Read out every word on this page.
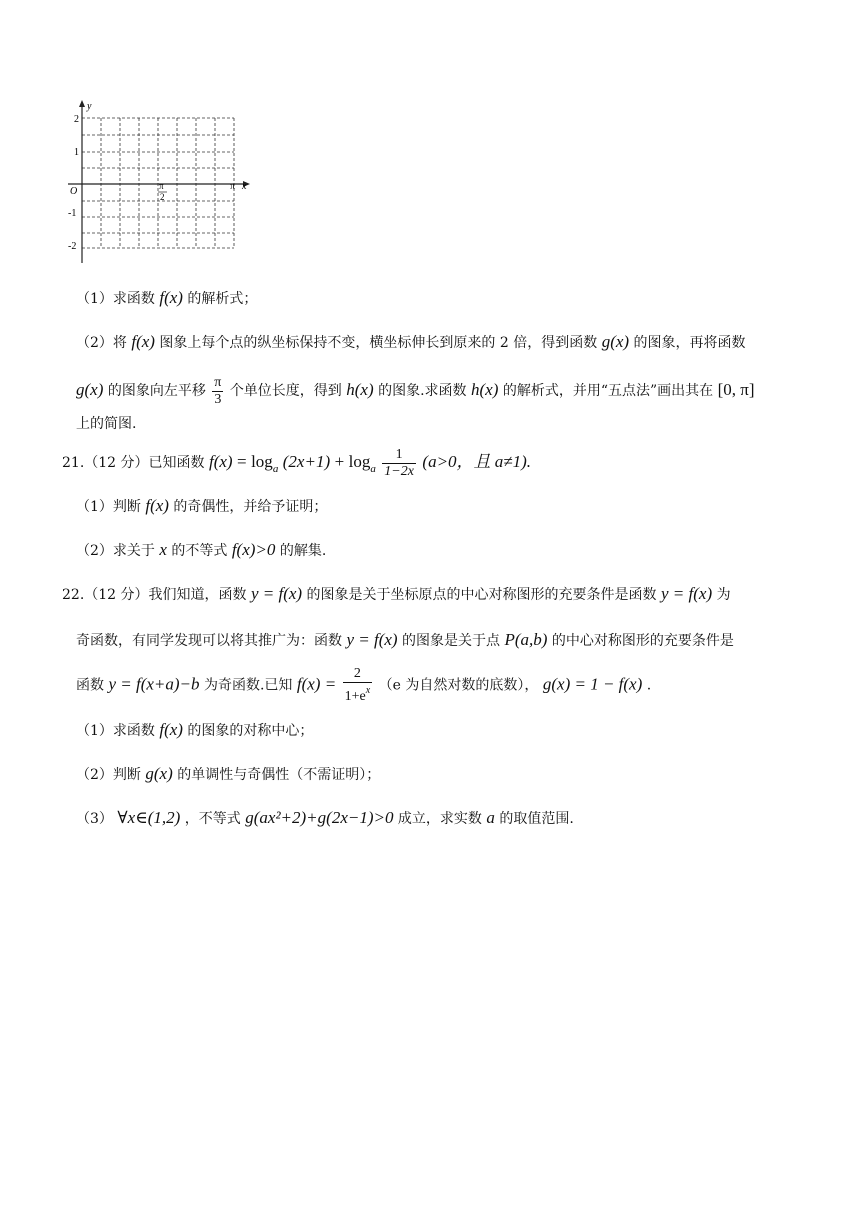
y
x
O
2
1
-1
-2
π
2
π
（1）求函数 f(x) 的解析式；
（2）将 f(x) 图象上每个点的纵坐标保持不变，横坐标伸长到原来的 2 倍，得到函数 g(x) 的图象，再将函数
g(x) 的图象向左平移 $\frac{\pi}{3}$ 个单位长度，得到 h(x) 的图象.求函数 h(x) 的解析式，并用“五点法”画出其在 [0, π]
上的简图.
21.（12 分）已知函数 $f(x) = \log_a (2x+1) + \log_a \frac{1}{1-2x} (a>0$，且 a≠1).
（1）判断 f(x) 的奇偶性，并给予证明；
（2）求关于 x 的不等式 f(x)>0 的解集.
22.（12 分）我们知道，函数 y = f(x) 的图象是关于坐标原点的中心对称图形的充要条件是函数 y = f(x) 为
奇函数，有同学发现可以将其推广为：函数 y = f(x) 的图象是关于点 P(a,b) 的中心对称图形的充要条件是
函数 y = f(x+a)−b 为奇函数.已知 $f(x) = \frac{2}{1+e^x} (e$ 为自然对数的底数）， g(x) = 1 − f(x) .
（1）求函数 f(x) 的图象的对称中心；
（2）判断 g(x) 的单调性与奇偶性（不需证明）；
（3） ∀x∈(1,2) ，不等式 g(ax²+2)+g(2x−1)>0 成立，求实数 a 的取值范围.
